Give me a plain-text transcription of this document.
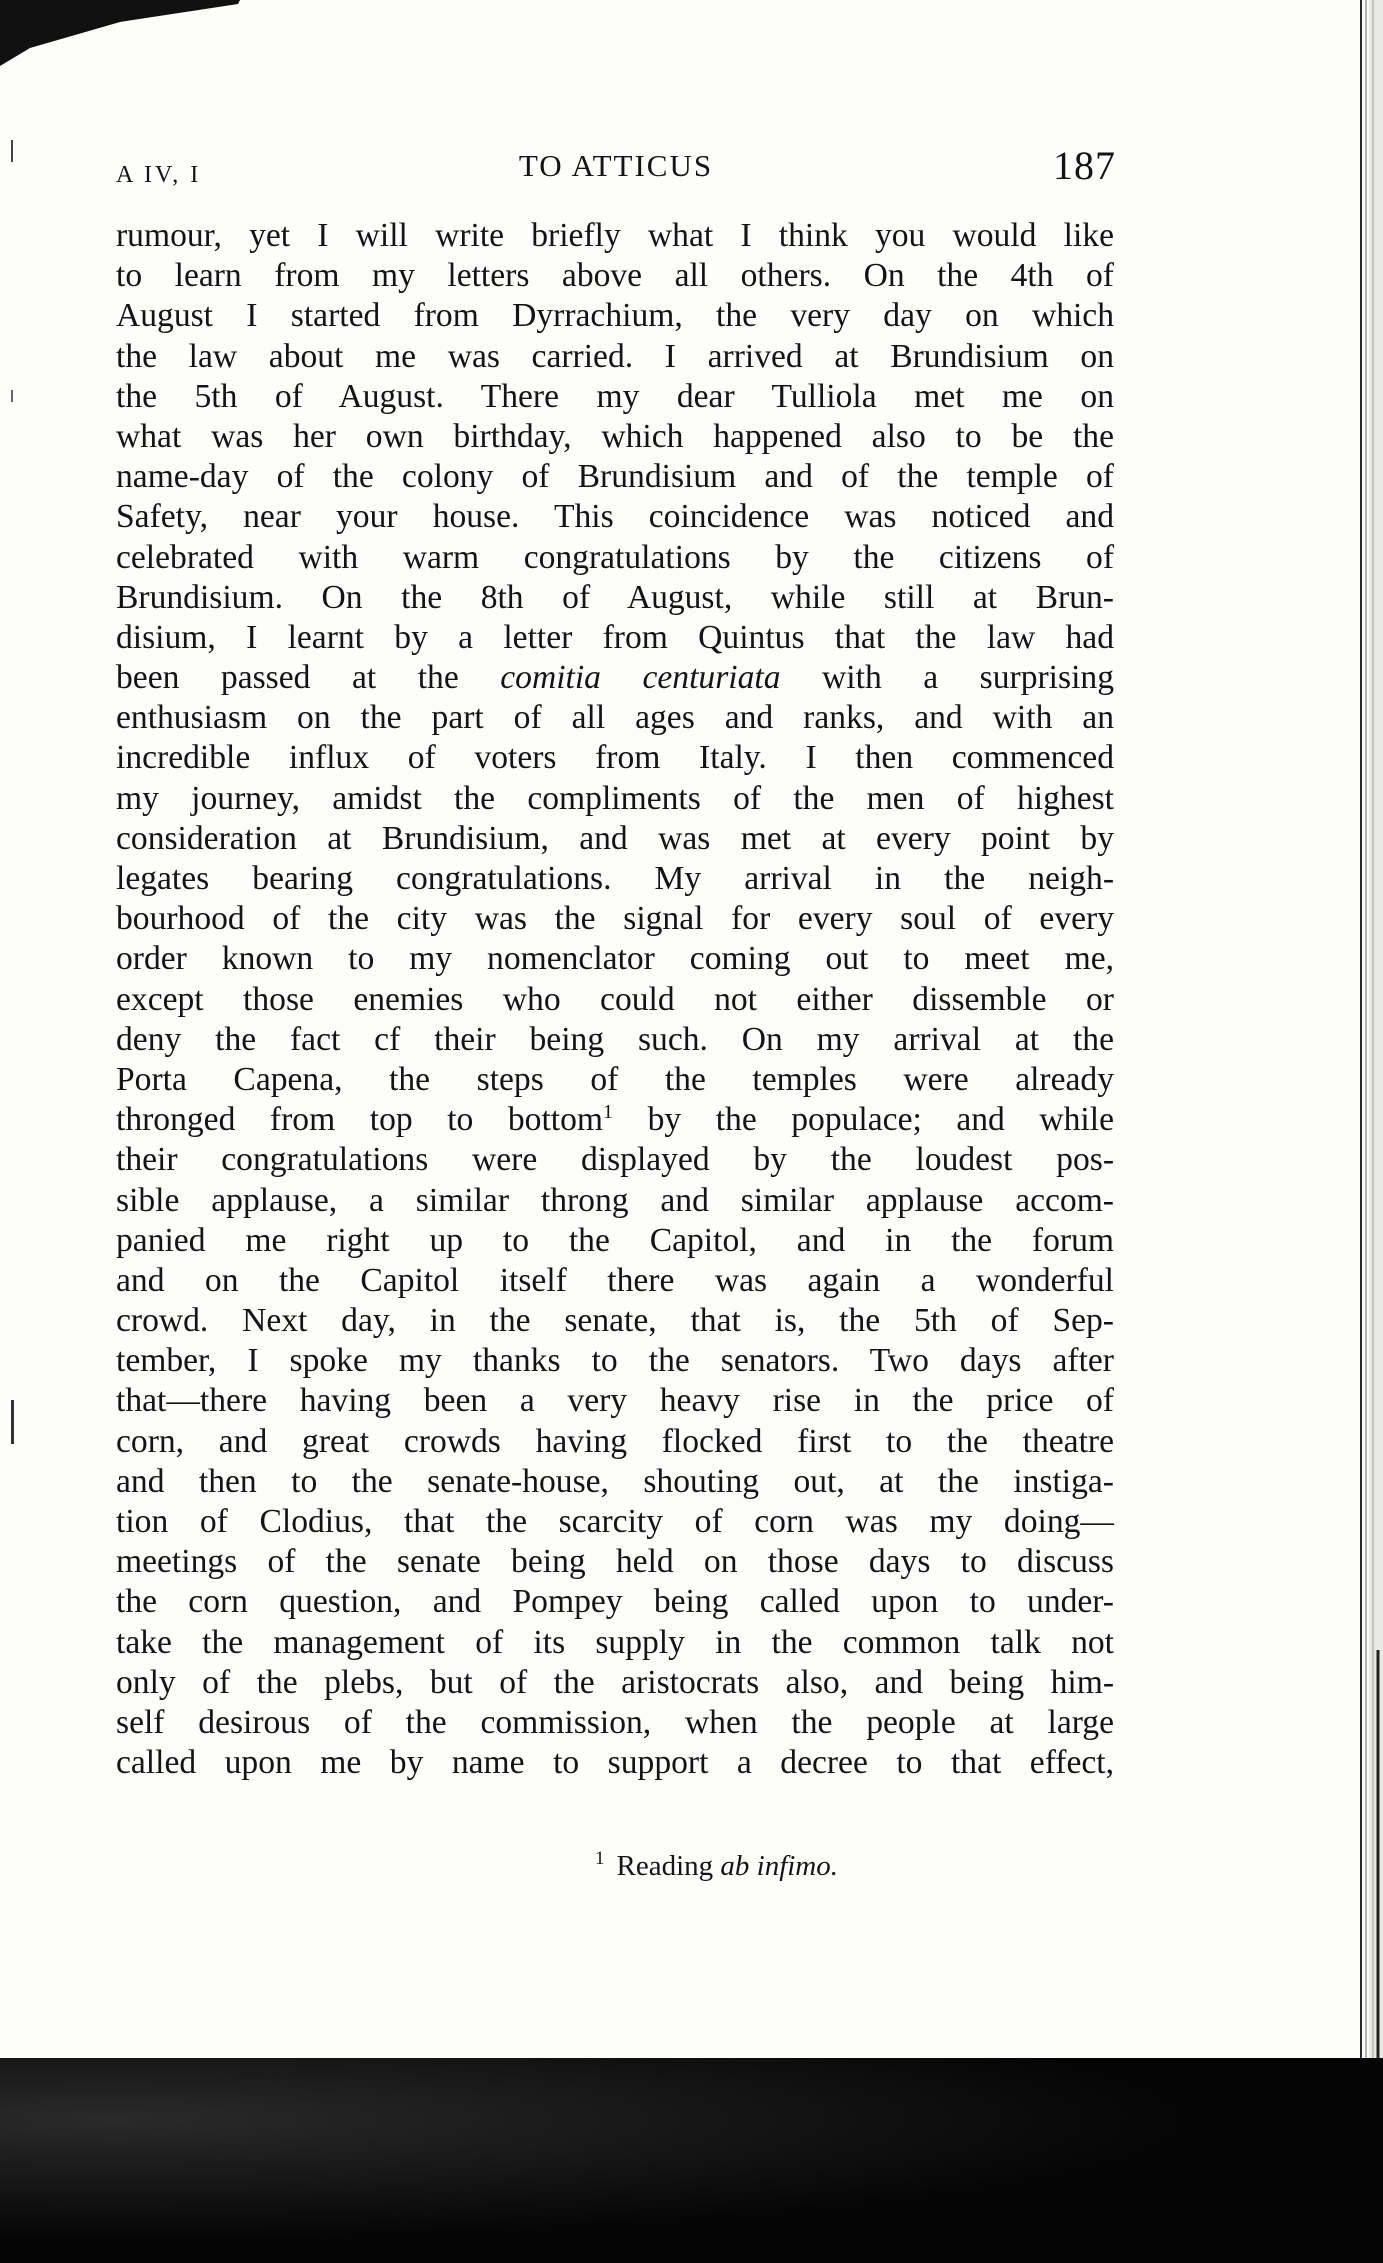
A IV, I	TO ATTICUS	187
rumour, yet I will write briefly what I think you would like
to learn from my letters above all others. On the 4th of
August I started from Dyrrachium, the very day on which
the law about me was carried. I arrived at Brundisium on
the 5th of August. There my dear Tulliola met me on
what was her own birthday, which happened also to be the
name-day of the colony of Brundisium and of the temple of
Safety, near your house. This coincidence was noticed and
celebrated with warm congratulations by the citizens of
Brundisium. On the 8th of August, while still at Brun-
disium, I learnt by a letter from Quintus that the law had
been passed at the comitia centuriata with a surprising
enthusiasm on the part of all ages and ranks, and with an
incredible influx of voters from Italy. I then commenced
my journey, amidst the compliments of the men of highest
consideration at Brundisium, and was met at every point by
legates bearing congratulations. My arrival in the neigh-
bourhood of the city was the signal for every soul of every
order known to my nomenclator coming out to meet me,
except those enemies who could not either dissemble or
deny the fact cf their being such. On my arrival at the
Porta Capena, the steps of the temples were already
thronged from top to bottom$^1$ by the populace; and while
their congratulations were displayed by the loudest pos-
sible applause, a similar throng and similar applause accom-
panied me right up to the Capitol, and in the forum
and on the Capitol itself there was again a wonderful
crowd. Next day, in the senate, that is, the 5th of Sep-
tember, I spoke my thanks to the senators. Two days after
that—there having been a very heavy rise in the price of
corn, and great crowds having flocked first to the theatre
and then to the senate-house, shouting out, at the instiga-
tion of Clodius, that the scarcity of corn was my doing—
meetings of the senate being held on those days to discuss
the corn question, and Pompey being called upon to under-
take the management of its supply in the common talk not
only of the plebs, but of the aristocrats also, and being him-
self desirous of the commission, when the people at large
called upon me by name to support a decree to that effect,
$^1$ Reading ab infimo.
